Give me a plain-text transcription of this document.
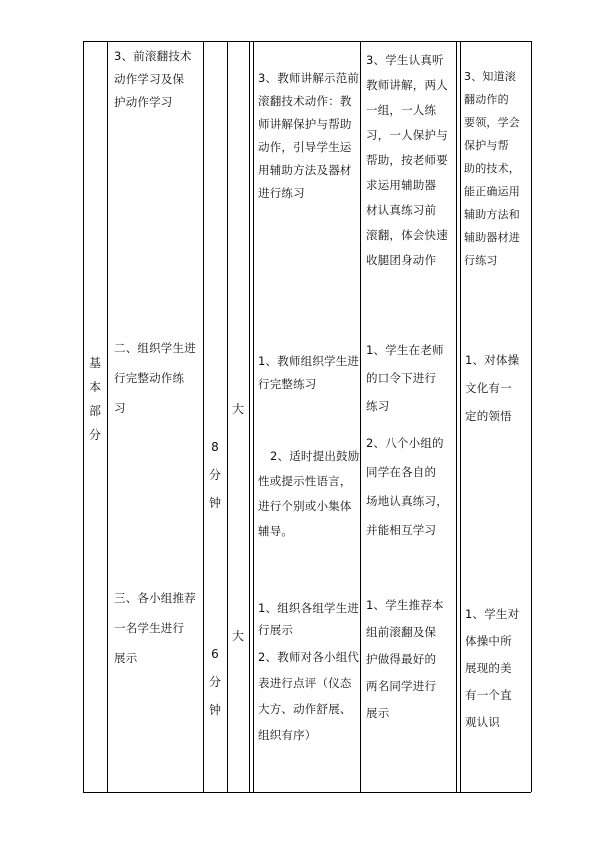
基
本
部
分
3、前滚翻技术
动作学习及保
护动作学习
3、教师讲解示范前
滚翻技术动作：教
师讲解保护与帮助
动作，引导学生运
用辅助方法及器材
进行练习
3、学生认真听
教师讲解，两人
一组，一人练
习，一人保护与
帮助，按老师要
求运用辅助器
材认真练习前
滚翻，体会快速
收腿团身动作
3、知道滚
翻动作的
要领，学会
保护与帮
助的技术，
能正确运用
辅助方法和
辅助器材进
行练习
二、组织学生进
行完整动作练
习
8
分
钟
大
1、教师组织学生进
行完整练习
2、适时提出鼓励
性或提示性语言，
进行个别或小集体
辅导。
1、学生在老师
的口令下进行
练习
2、八个小组的
同学在各自的
场地认真练习，
并能相互学习
1、对体操
文化有一
定的领悟
三、各小组推荐
一名学生进行
展示	6
分
钟
大
1、组织各组学生进
行展示
2、教师对各小组代
表进行点评（仪态
大方、动作舒展、
组织有序）
1、学生推荐本
组前滚翻及保
护做得最好的
两名同学进行
展示
1、学生对
体操中所
展现的美
有一个直
观认识
